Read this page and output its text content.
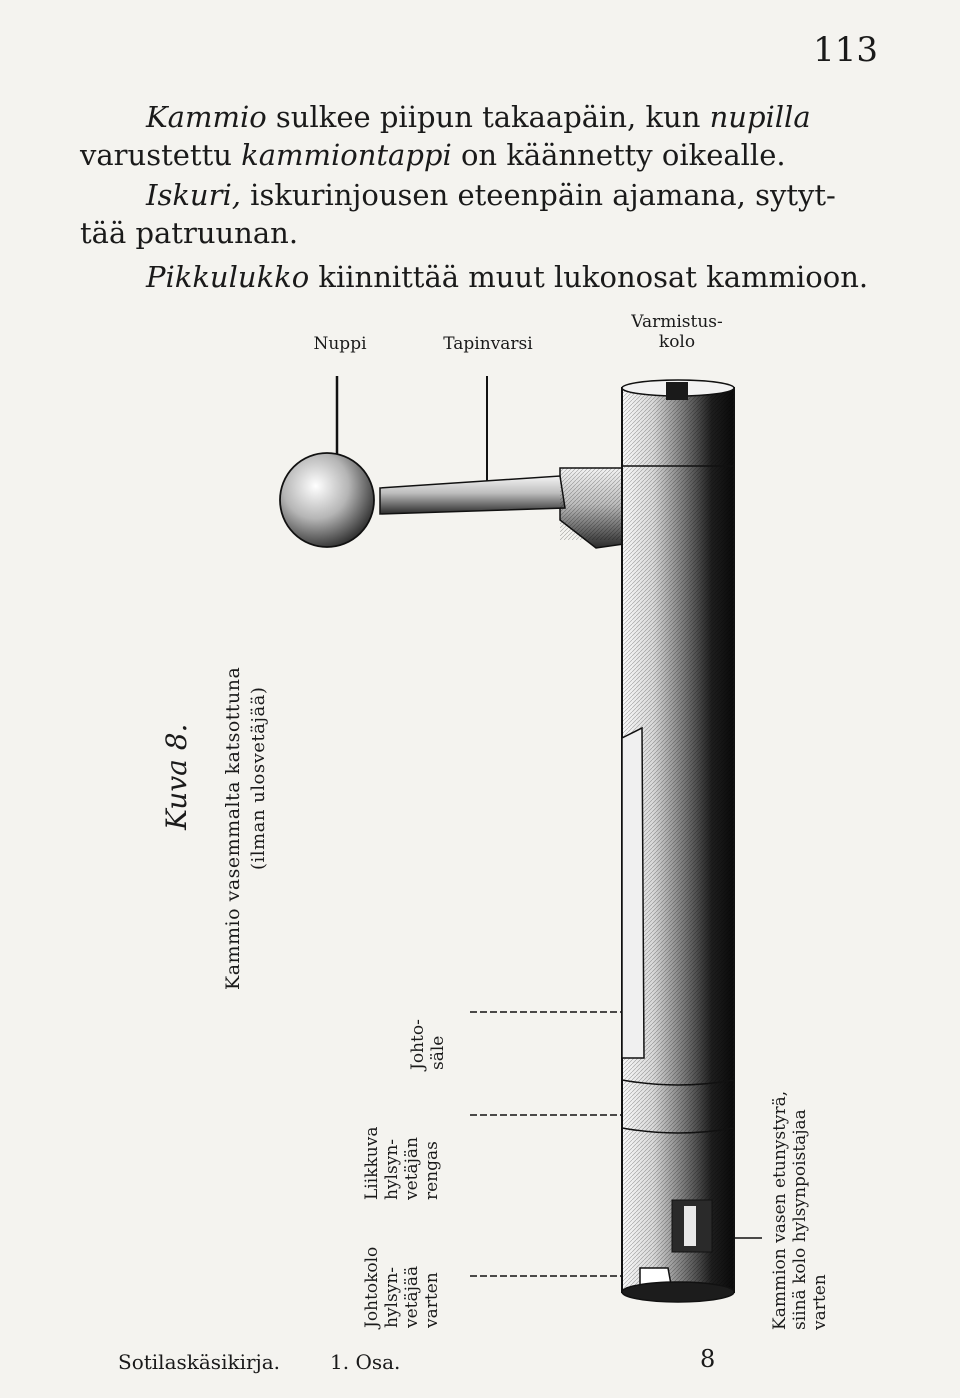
113
Kammio sulkee piipun takaapäin, kun nupilla
varustettu kammiontappi on käännetty oikealle.
Iskuri, iskurinjousen eteenpäin ajamana, sytyt-
tää patruunan.
Pikkulukko kiinnittää muut lukonosat kammioon.
Nuppi	Tapinvarsi
Varmistus-
kolo
Kuva 8. Kammio vasemmalta katsottuna (ilman ulosvetäjää)
Johto- säle
Liikkuva hylsyn- vetäjän rengas
Johtokolo hylsyn- vetäjää varten	Kammion vasen etunystyrä, siinä kolo hylsynpoistajaa varten
Sotilaskäsikirja. 1. Osa.	8
